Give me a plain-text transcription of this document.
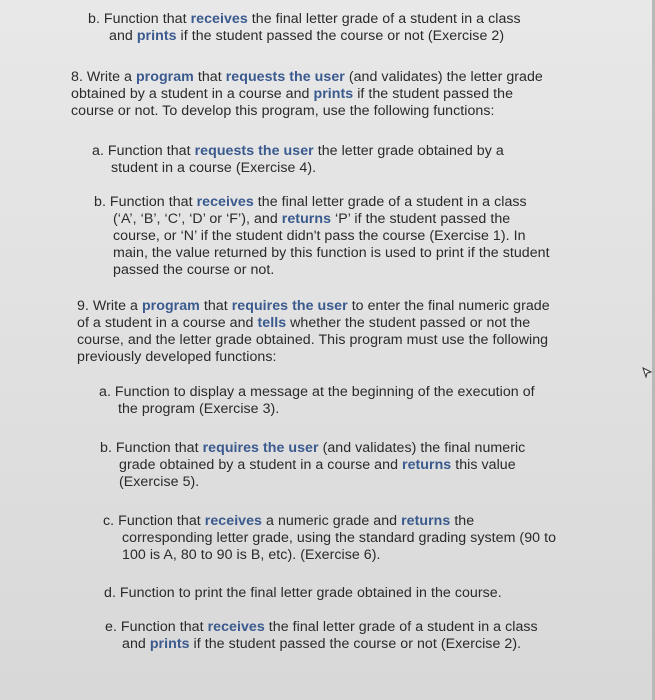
b. Function that receives the final letter grade of a student in a class
and prints if the student passed the course or not (Exercise 2)
8. Write a program that requests the user (and validates) the letter grade
obtained by a student in a course and prints if the student passed the
course or not. To develop this program, use the following functions:
a. Function that requests the user the letter grade obtained by a
student in a course (Exercise 4).
b. Function that receives the final letter grade of a student in a class
(‘A’, ‘B’, ‘C’, ‘D’ or ‘F’), and returns ‘P’ if the student passed the
course, or ‘N’ if the student didn't pass the course (Exercise 1). In
main, the value returned by this function is used to print if the student
passed the course or not.
9. Write a program that requires the user to enter the final numeric grade
of a student in a course and tells whether the student passed or not the
course, and the letter grade obtained. This program must use the following
previously developed functions:
a. Function to display a message at the beginning of the execution of
the program (Exercise 3).
b. Function that requires the user (and validates) the final numeric
grade obtained by a student in a course and returns this value
(Exercise 5).
c. Function that receives a numeric grade and returns the
corresponding letter grade, using the standard grading system (90 to
100 is A, 80 to 90 is B, etc). (Exercise 6).
d. Function to print the final letter grade obtained in the course.
e. Function that receives the final letter grade of a student in a class
and prints if the student passed the course or not (Exercise 2).
